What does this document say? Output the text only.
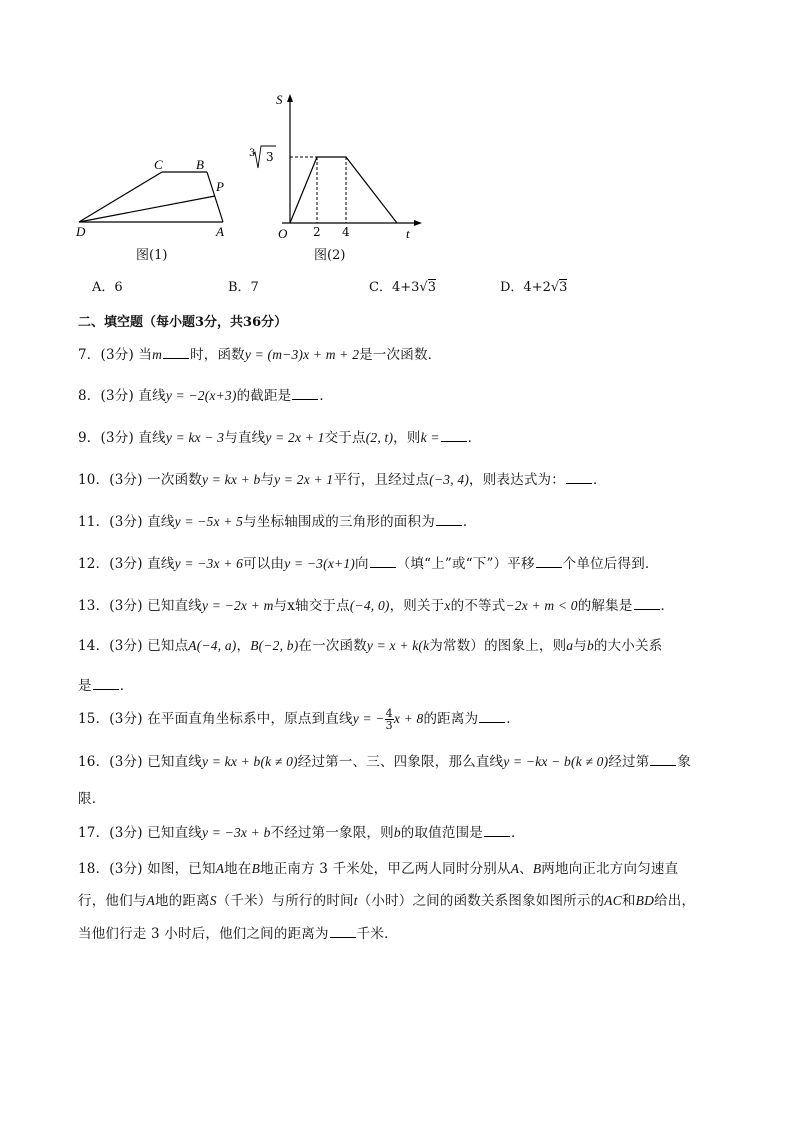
C	B
P
D	A
图(1)
S
t
O 2 4
3 3
图(2)
A．6	B．7	C．4+3√3	D．4+2√3
二、填空题（每小题3分，共36分）
7．(3分) 当m 时，函数y = (m−3)x + m + 2是一次函数．
8．(3分) 直线y = −2(x+3)的截距是 ．
9．(3分) 直线y = kx − 3与直线y = 2x + 1交于点(2, t)，则k = ．
10．(3分) 一次函数y = kx + b与y = 2x + 1平行，且经过点(−3, 4)，则表达式为： ．
11．(3分) 直线y = −5x + 5与坐标轴围成的三角形的面积为 ．
12．(3分) 直线y = −3x + 6可以由y = −3(x+1)向 （填“上”或“下”）平移 个单位后得到．
13．(3分) 已知直线y = −2x + m与x轴交于点(−4, 0)，则关于x的不等式−2x + m < 0的解集是 ．
14．(3分) 已知点A(−4, a)，B(−2, b)在一次函数y = x + k(k为常数）的图象上，则a与b的大小关系
是 ．
15．(3分) 在平面直角坐标系中，原点到直线y = − $\frac{4}{3}$ x + 8的距离为 ．
16．(3分) 已知直线y = kx + b(k ≠ 0)经过第一、三、四象限，那么直线y = −kx − b(k ≠ 0)经过第 象
限．
17．(3分) 已知直线y = −3x + b不经过第一象限，则b的取值范围是 ．
18．(3分) 如图，已知A地在B地正南方 3 千米处，甲乙两人同时分别从A、B两地向正北方向匀速直
行，他们与A地的距离S（千米）与所行的时间t（小时）之间的函数关系图象如图所示的AC和BD给出，
当他们行走 3 小时后，他们之间的距离为 千米．
